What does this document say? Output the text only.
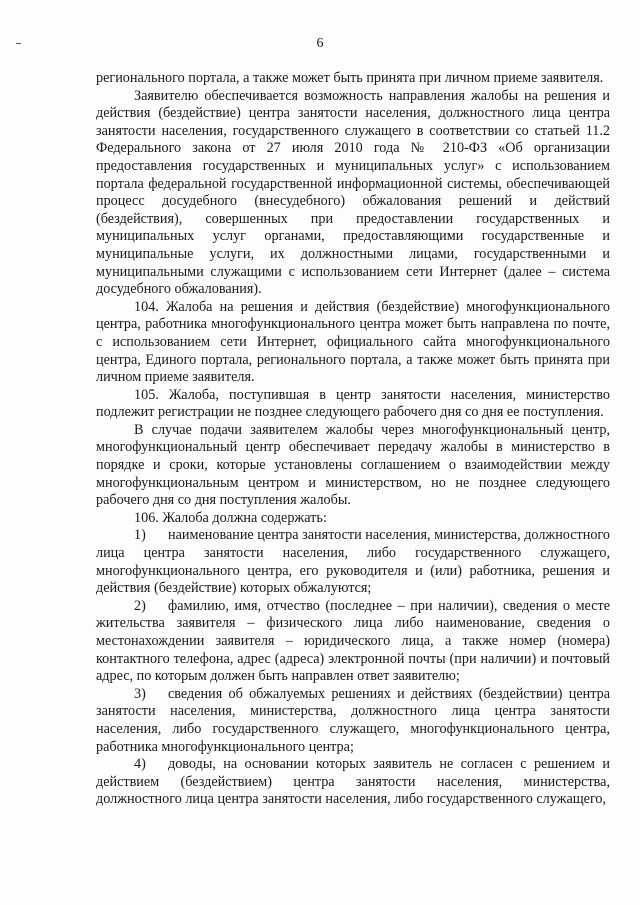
6

регионального портала, а также может быть принята при личном приеме заявителя.

Заявителю обеспечивается возможность направления жалобы на решения и действия (бездействие) центра занятости населения, должностного лица центра занятости населения, государственного служащего в соответствии со статьей 11.2 Федерального закона от 27 июля 2010 года № 210-ФЗ «Об организации предоставления государственных и муниципальных услуг» с использованием портала федеральной государственной информационной системы, обеспечивающей процесс досудебного (внесудебного) обжалования решений и действий (бездействия), совершенных при предоставлении государственных и муниципальных услуг органами, предоставляющими государственные и муниципальные услуги, их должностными лицами, государственными и муниципальными служащими с использованием сети Интернет (далее – система досудебного обжалования).

104. Жалоба на решения и действия (бездействие) многофункционального центра, работника многофункционального центра может быть направлена по почте, с использованием сети Интернет, официального сайта многофункционального центра, Единого портала, регионального портала, а также может быть принята при личном приеме заявителя.

105. Жалоба, поступившая в центр занятости населения, министерство подлежит регистрации не позднее следующего рабочего дня со дня ее поступления.

В случае подачи заявителем жалобы через многофункциональный центр, многофункциональный центр обеспечивает передачу жалобы в министерство в порядке и сроки, которые установлены соглашением о взаимодействии между многофункциональным центром и министерством, но не позднее следующего рабочего дня со дня поступления жалобы.

106. Жалоба должна содержать:

1) наименование центра занятости населения, министерства, должностного лица центра занятости населения, либо государственного служащего, многофункционального центра, его руководителя и (или) работника, решения и действия (бездействие) которых обжалуются;

2) фамилию, имя, отчество (последнее – при наличии), сведения о месте жительства заявителя – физического лица либо наименование, сведения о местонахождении заявителя – юридического лица, а также номер (номера) контактного телефона, адрес (адреса) электронной почты (при наличии) и почтовый адрес, по которым должен быть направлен ответ заявителю;

3) сведения об обжалуемых решениях и действиях (бездействии) центра занятости населения, министерства, должностного лица центра занятости населения, либо государственного служащего, многофункционального центра, работника многофункционального центра;

4) доводы, на основании которых заявитель не согласен с решением и действием (бездействием) центра занятости населения, министерства, должностного лица центра занятости населения, либо государственного служащего,
